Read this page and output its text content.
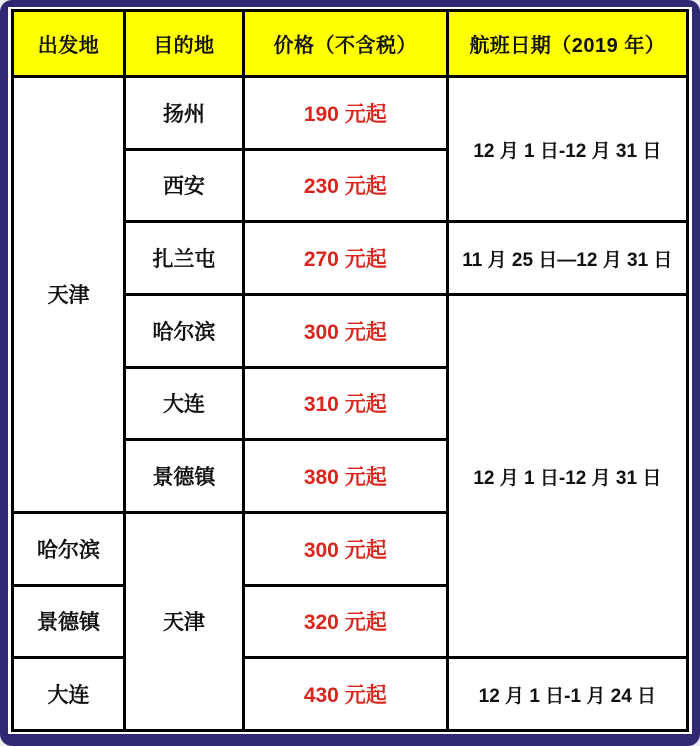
出发地	目的地	价格（不含税）	航班日期（2019 年）
天津	扬州	190 元起	12 月 1 日-12 月 31 日
	西安	230 元起	
	扎兰屯	270 元起	11 月 25 日—12 月 31 日
	哈尔滨	300 元起	12 月 1 日-12 月 31 日
	大连	310 元起	
	景德镇	380 元起	
哈尔滨	天津	300 元起	
景德镇		320 元起	
大连		430 元起	12 月 1 日-1 月 24 日
